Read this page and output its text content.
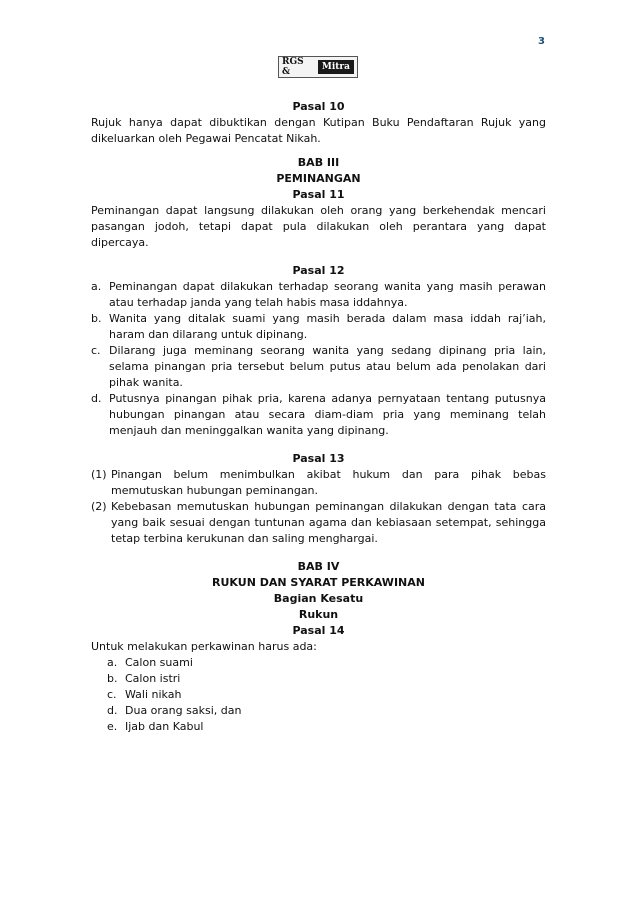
3
RGS &	Mitra
Pasal 10
Rujuk hanya dapat dibuktikan dengan Kutipan Buku Pendaftaran Rujuk yang dikeluarkan oleh Pegawai Pencatat Nikah.
BAB III
PEMINANGAN
Pasal 11
Peminangan dapat langsung dilakukan oleh orang yang berkehendak mencari pasangan jodoh, tetapi dapat pula dilakukan oleh perantara yang dapat dipercaya.
Pasal 12
a. Peminangan dapat dilakukan terhadap seorang wanita yang masih perawan atau terhadap janda yang telah habis masa iddahnya.
b. Wanita yang ditalak suami yang masih berada dalam masa iddah raj’iah, haram dan dilarang untuk dipinang.
c. Dilarang juga meminang seorang wanita yang sedang dipinang pria lain, selama pinangan pria tersebut belum putus atau belum ada penolakan dari pihak wanita.
d. Putusnya pinangan pihak pria, karena adanya pernyataan tentang putusnya hubungan pinangan atau secara diam-diam pria yang meminang telah menjauh dan meninggalkan wanita yang dipinang.
Pasal 13
(1) Pinangan belum menimbulkan akibat hukum dan para pihak bebas memutuskan hubungan peminangan.
(2) Kebebasan memutuskan hubungan peminangan dilakukan dengan tata cara yang baik sesuai dengan tuntunan agama dan kebiasaan setempat, sehingga tetap terbina kerukunan dan saling menghargai.
BAB IV
RUKUN DAN SYARAT PERKAWINAN
Bagian Kesatu
Rukun
Pasal 14
Untuk melakukan perkawinan harus ada:
a. Calon suami
b. Calon istri
c. Wali nikah
d. Dua orang saksi, dan
e. Ijab dan Kabul
